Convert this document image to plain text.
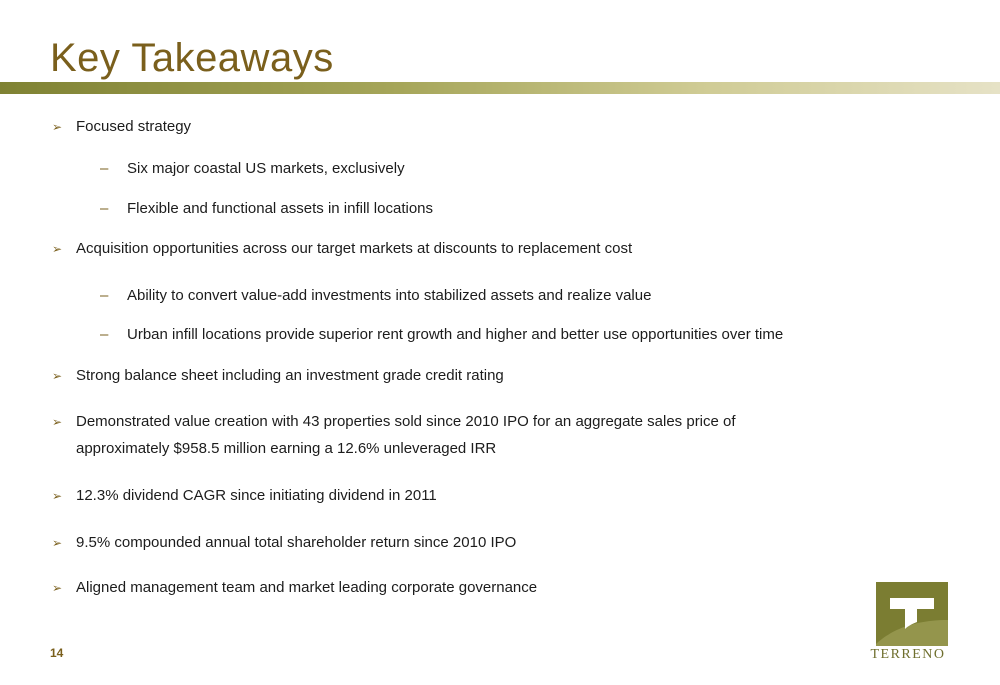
Key Takeaways
➢ Focused strategy
–	Six major coastal US markets, exclusively
–	Flexible and functional assets in infill locations
➢ Acquisition opportunities across our target markets at discounts to replacement cost
–	Ability to convert value-add investments into stabilized assets and realize value
–	Urban infill locations provide superior rent growth and higher and better use opportunities over time
➢ Strong balance sheet including an investment grade credit rating
➢ Demonstrated value creation with 43 properties sold since 2010 IPO for an aggregate sales price of
approximately $958.5 million earning a 12.6% unleveraged IRR
➢ 12.3% dividend CAGR since initiating dividend in 2011
➢ 9.5% compounded annual total shareholder return since 2010 IPO
➢ Aligned management team and market leading corporate governance
14	TERRENO
